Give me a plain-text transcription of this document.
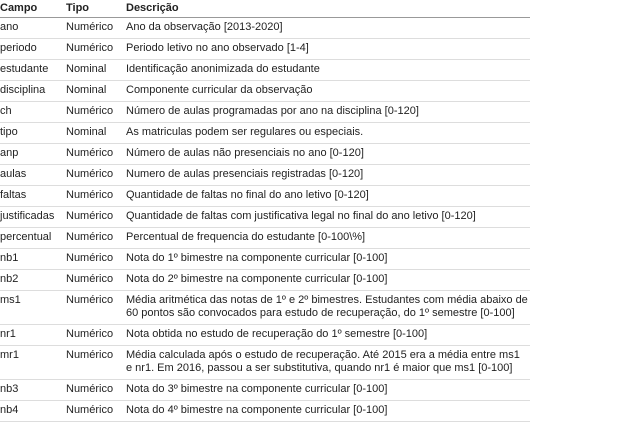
Campo	Tipo	Descrição
ano	Numérico	Ano da observação [2013-2020]
periodo	Numérico	Periodo letivo no ano observado [1-4]
estudante	Nominal	Identificação anonimizada do estudante
disciplina	Nominal	Componente curricular da observação
ch	Numérico	Número de aulas programadas por ano na disciplina [0-120]
tipo	Nominal	As matriculas podem ser regulares ou especiais.
anp	Numérico	Número de aulas não presenciais no ano [0-120]
aulas	Numérico	Numero de aulas presenciais registradas [0-120]
faltas	Numérico	Quantidade de faltas no final do ano letivo [0-120]
justificadas	Numérico	Quantidade de faltas com justificativa legal no final do ano letivo [0-120]
percentual	Numérico	Percentual de frequencia do estudante [0-100\%]
nb1	Numérico	Nota do 1º bimestre na componente curricular [0-100]
nb2	Numérico	Nota do 2º bimestre na componente curricular [0-100]
ms1	Numérico	Média aritmética das notas de 1º e 2º bimestres. Estudantes com média abaixo de 60 pontos são convocados para estudo de recuperação, do 1º semestre [0-100]
nr1	Numérico	Nota obtida no estudo de recuperação do 1º semestre [0-100]
mr1	Numérico	Média calculada após o estudo de recuperação. Até 2015 era a média entre ms1 e nr1. Em 2016, passou a ser substitutiva, quando nr1 é maior que ms1 [0-100]
nb3	Numérico	Nota do 3º bimestre na componente curricular [0-100]
nb4	Numérico	Nota do 4º bimestre na componente curricular [0-100]
